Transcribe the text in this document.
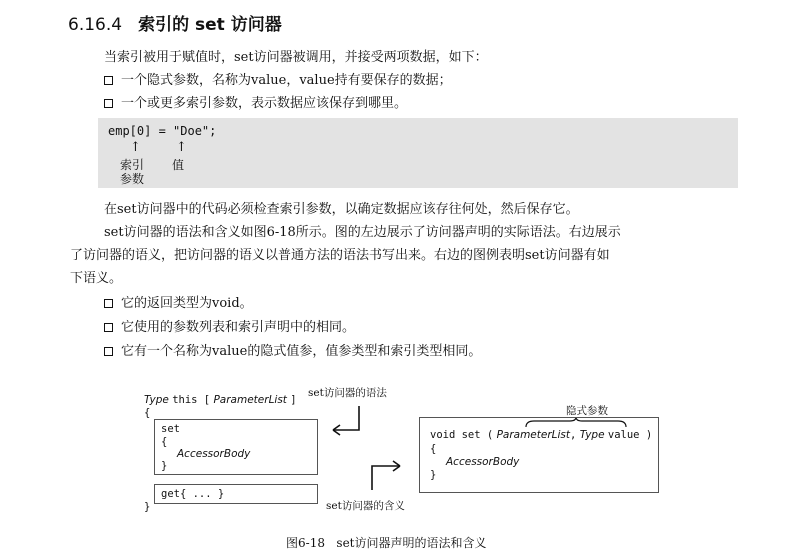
6.16.4 索引的 set 访问器
当索引被用于赋值时，set访问器被调用，并接受两项数据，如下：
一个隐式参数，名称为value，value持有要保存的数据；
一个或更多索引参数，表示数据应该保存到哪里。
emp[0] = "Doe";
↑	↑
索引
参数
值
在set访问器中的代码必须检查索引参数，以确定数据应该存往何处，然后保存它。
set访问器的语法和含义如图6-18所示。图的左边展示了访问器声明的实际语法。右边展示
了访问器的语义，把访问器的语义以普通方法的语法书写出来。右边的图例表明set访问器有如
下语义。
它的返回类型为void。
它使用的参数列表和索引声明中的相同。
它有一个名称为value的隐式值参，值参类型和索引类型相同。
Type this [ ParameterList ]
{
set
{
AccessorBody
}
get{ ... }
}
set访问器的语法
set访问器的含义
隐式参数
void set ( ParameterList, Type value )
{
AccessorBody
}
图6-18 set访问器声明的语法和含义
